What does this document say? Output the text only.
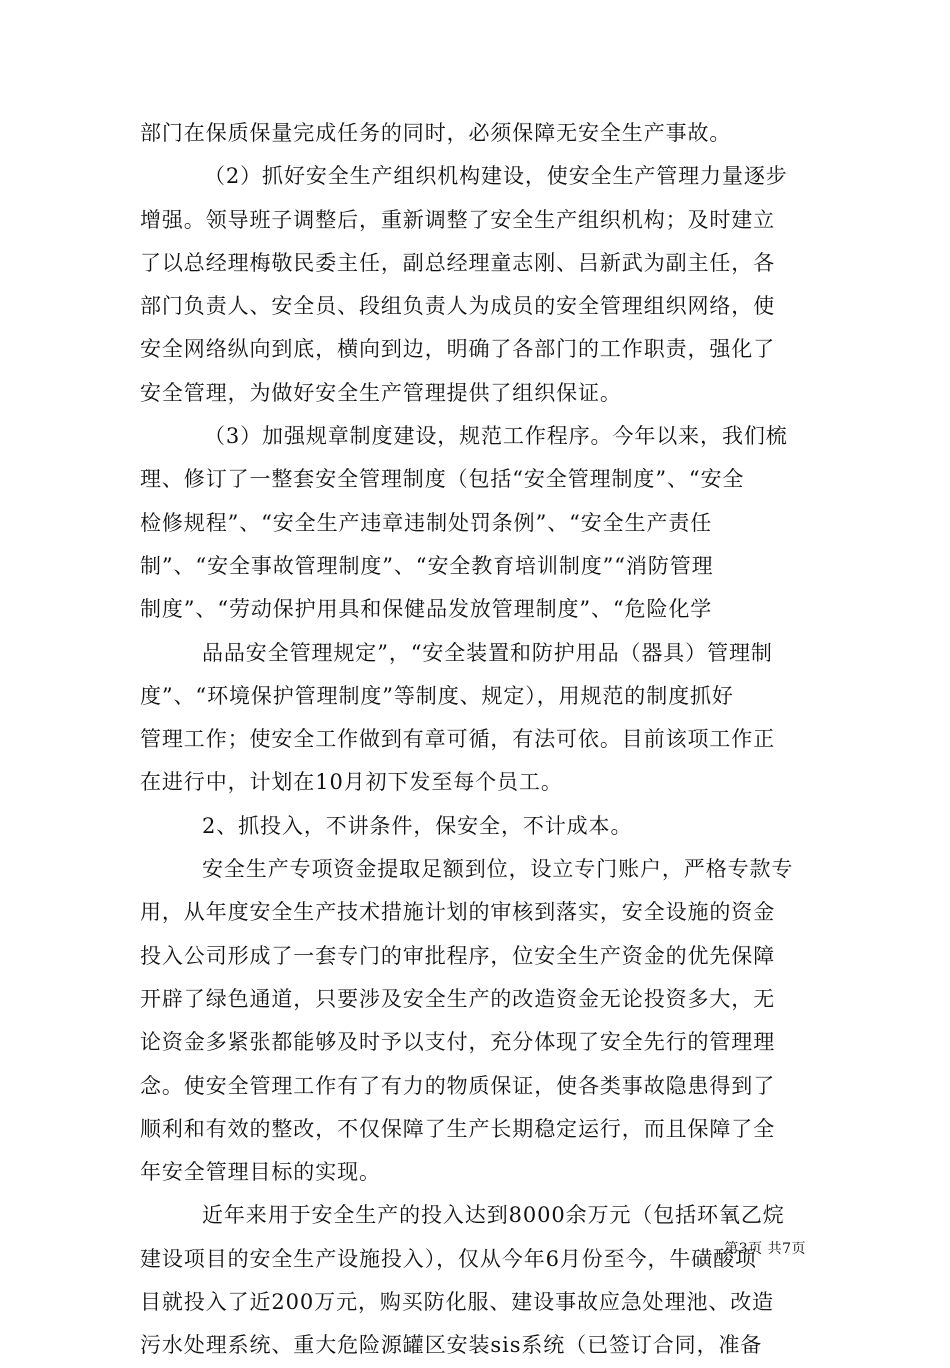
部门在保质保量完成任务的同时，必须保障无安全生产事故。
（2）抓好安全生产组织机构建设，使安全生产管理力量逐步
增强。领导班子调整后，重新调整了安全生产组织机构；及时建立
了以总经理梅敬民委主任，副总经理童志刚、吕新武为副主任，各
部门负责人、安全员、段组负责人为成员的安全管理组织网络，使
安全网络纵向到底，横向到边，明确了各部门的工作职责，强化了
安全管理，为做好安全生产管理提供了组织保证。
（3）加强规章制度建设，规范工作程序。今年以来，我们梳
理、修订了一整套安全管理制度（包括“安全管理制度”、“安全
检修规程”、“安全生产违章违制处罚条例”、“安全生产责任
制”、“安全事故管理制度”、“安全教育培训制度”“消防管理
制度”、“劳动保护用具和保健品发放管理制度”、“危险化学
品品安全管理规定”，“安全装置和防护用品（器具）管理制
度”、“环境保护管理制度”等制度、规定），用规范的制度抓好
管理工作；使安全工作做到有章可循，有法可依。目前该项工作正
在进行中，计划在10月初下发至每个员工。
2、抓投入，不讲条件，保安全，不计成本。
安全生产专项资金提取足额到位，设立专门账户，严格专款专
用，从年度安全生产技术措施计划的审核到落实，安全设施的资金
投入公司形成了一套专门的审批程序，位安全生产资金的优先保障
开辟了绿色通道，只要涉及安全生产的改造资金无论投资多大，无
论资金多紧张都能够及时予以支付，充分体现了安全先行的管理理
念。使安全管理工作有了有力的物质保证，使各类事故隐患得到了
顺利和有效的整改，不仅保障了生产长期稳定运行，而且保障了全
年安全管理目标的实现。
近年来用于安全生产的投入达到8000余万元（包括环氧乙烷
建设项目的安全生产设施投入），仅从今年6月份至今，牛磺酸项
目就投入了近200万元，购买防化服、建设事故应急处理池、改造
污水处理系统、重大危险源罐区安装sis系统（已签订合同，准备
第3页 共7页
